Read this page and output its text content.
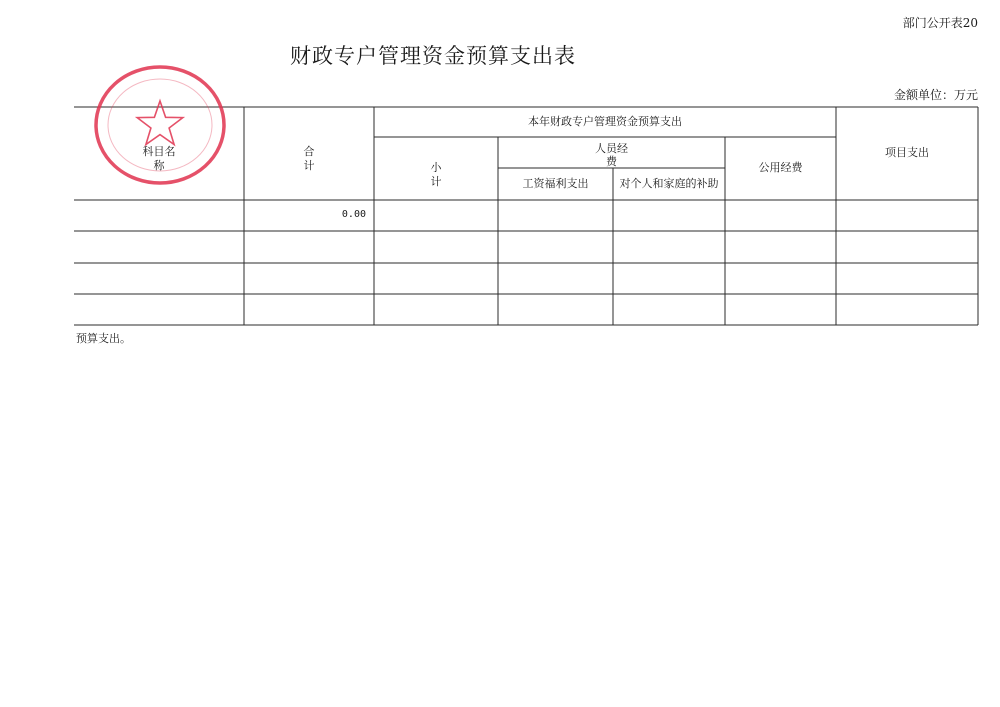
部门公开表20
财政专户管理资金预算支出表
金额单位：万元
科目名
称
合
计
本年财政专户管理资金预算支出
小
计
人员经
费
工资福利支出	对个人和家庭的补助
公用经费
项目支出
0.00
预算支出。
